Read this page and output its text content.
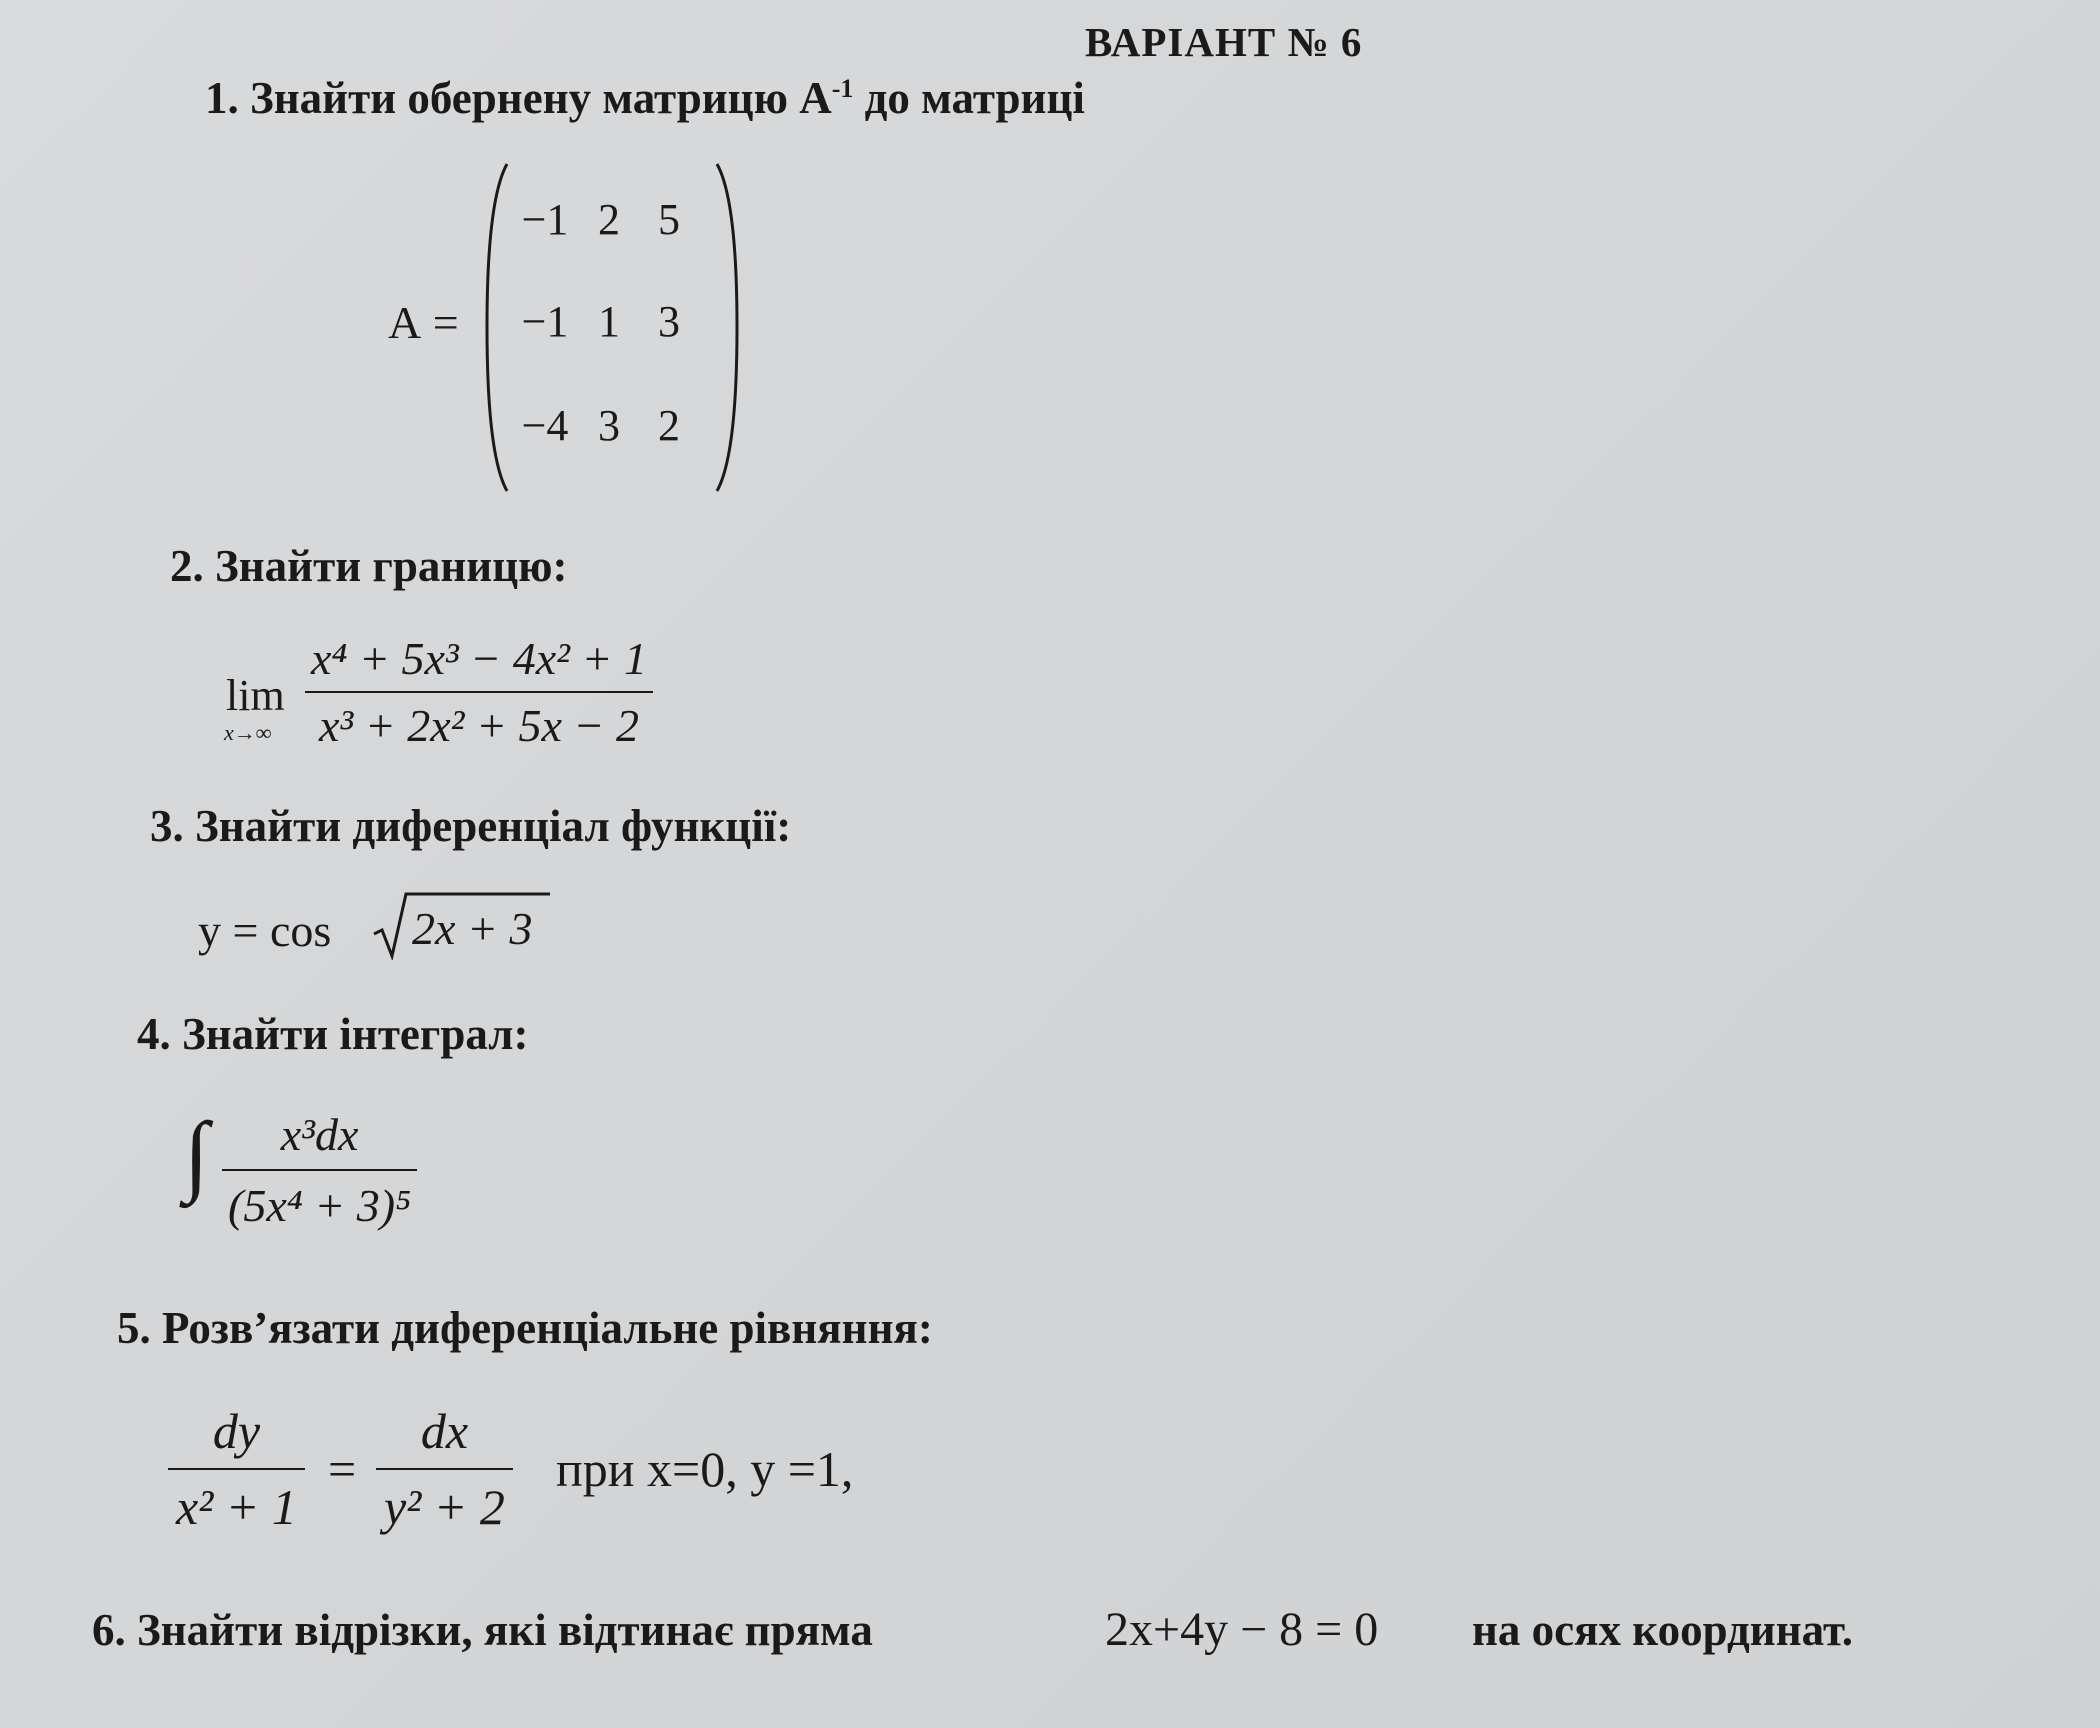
ВАРІАНТ № 6
1. Знайти обернену матрицю $А^{-1}$ до матриці
А =
−1 2 5
−1 1 3
−4 3 2
2. Знайти границю:
lim
x→∞
x⁴ + 5x³ − 4x² + 1
x³ + 2x² + 5x − 2
3. Знайти диференціал функції:
y = cos 2x + 3
4. Знайти інтеграл:
∫ x³dx
(5x⁴ + 3)⁵
5. Розв’язати диференціальне рівняння:
dy
x² + 1
=
dx
y² + 2
при x=0, y =1,
6. Знайти відрізки, які відтинає пряма	2x+4y − 8 = 0 на осях координат.
